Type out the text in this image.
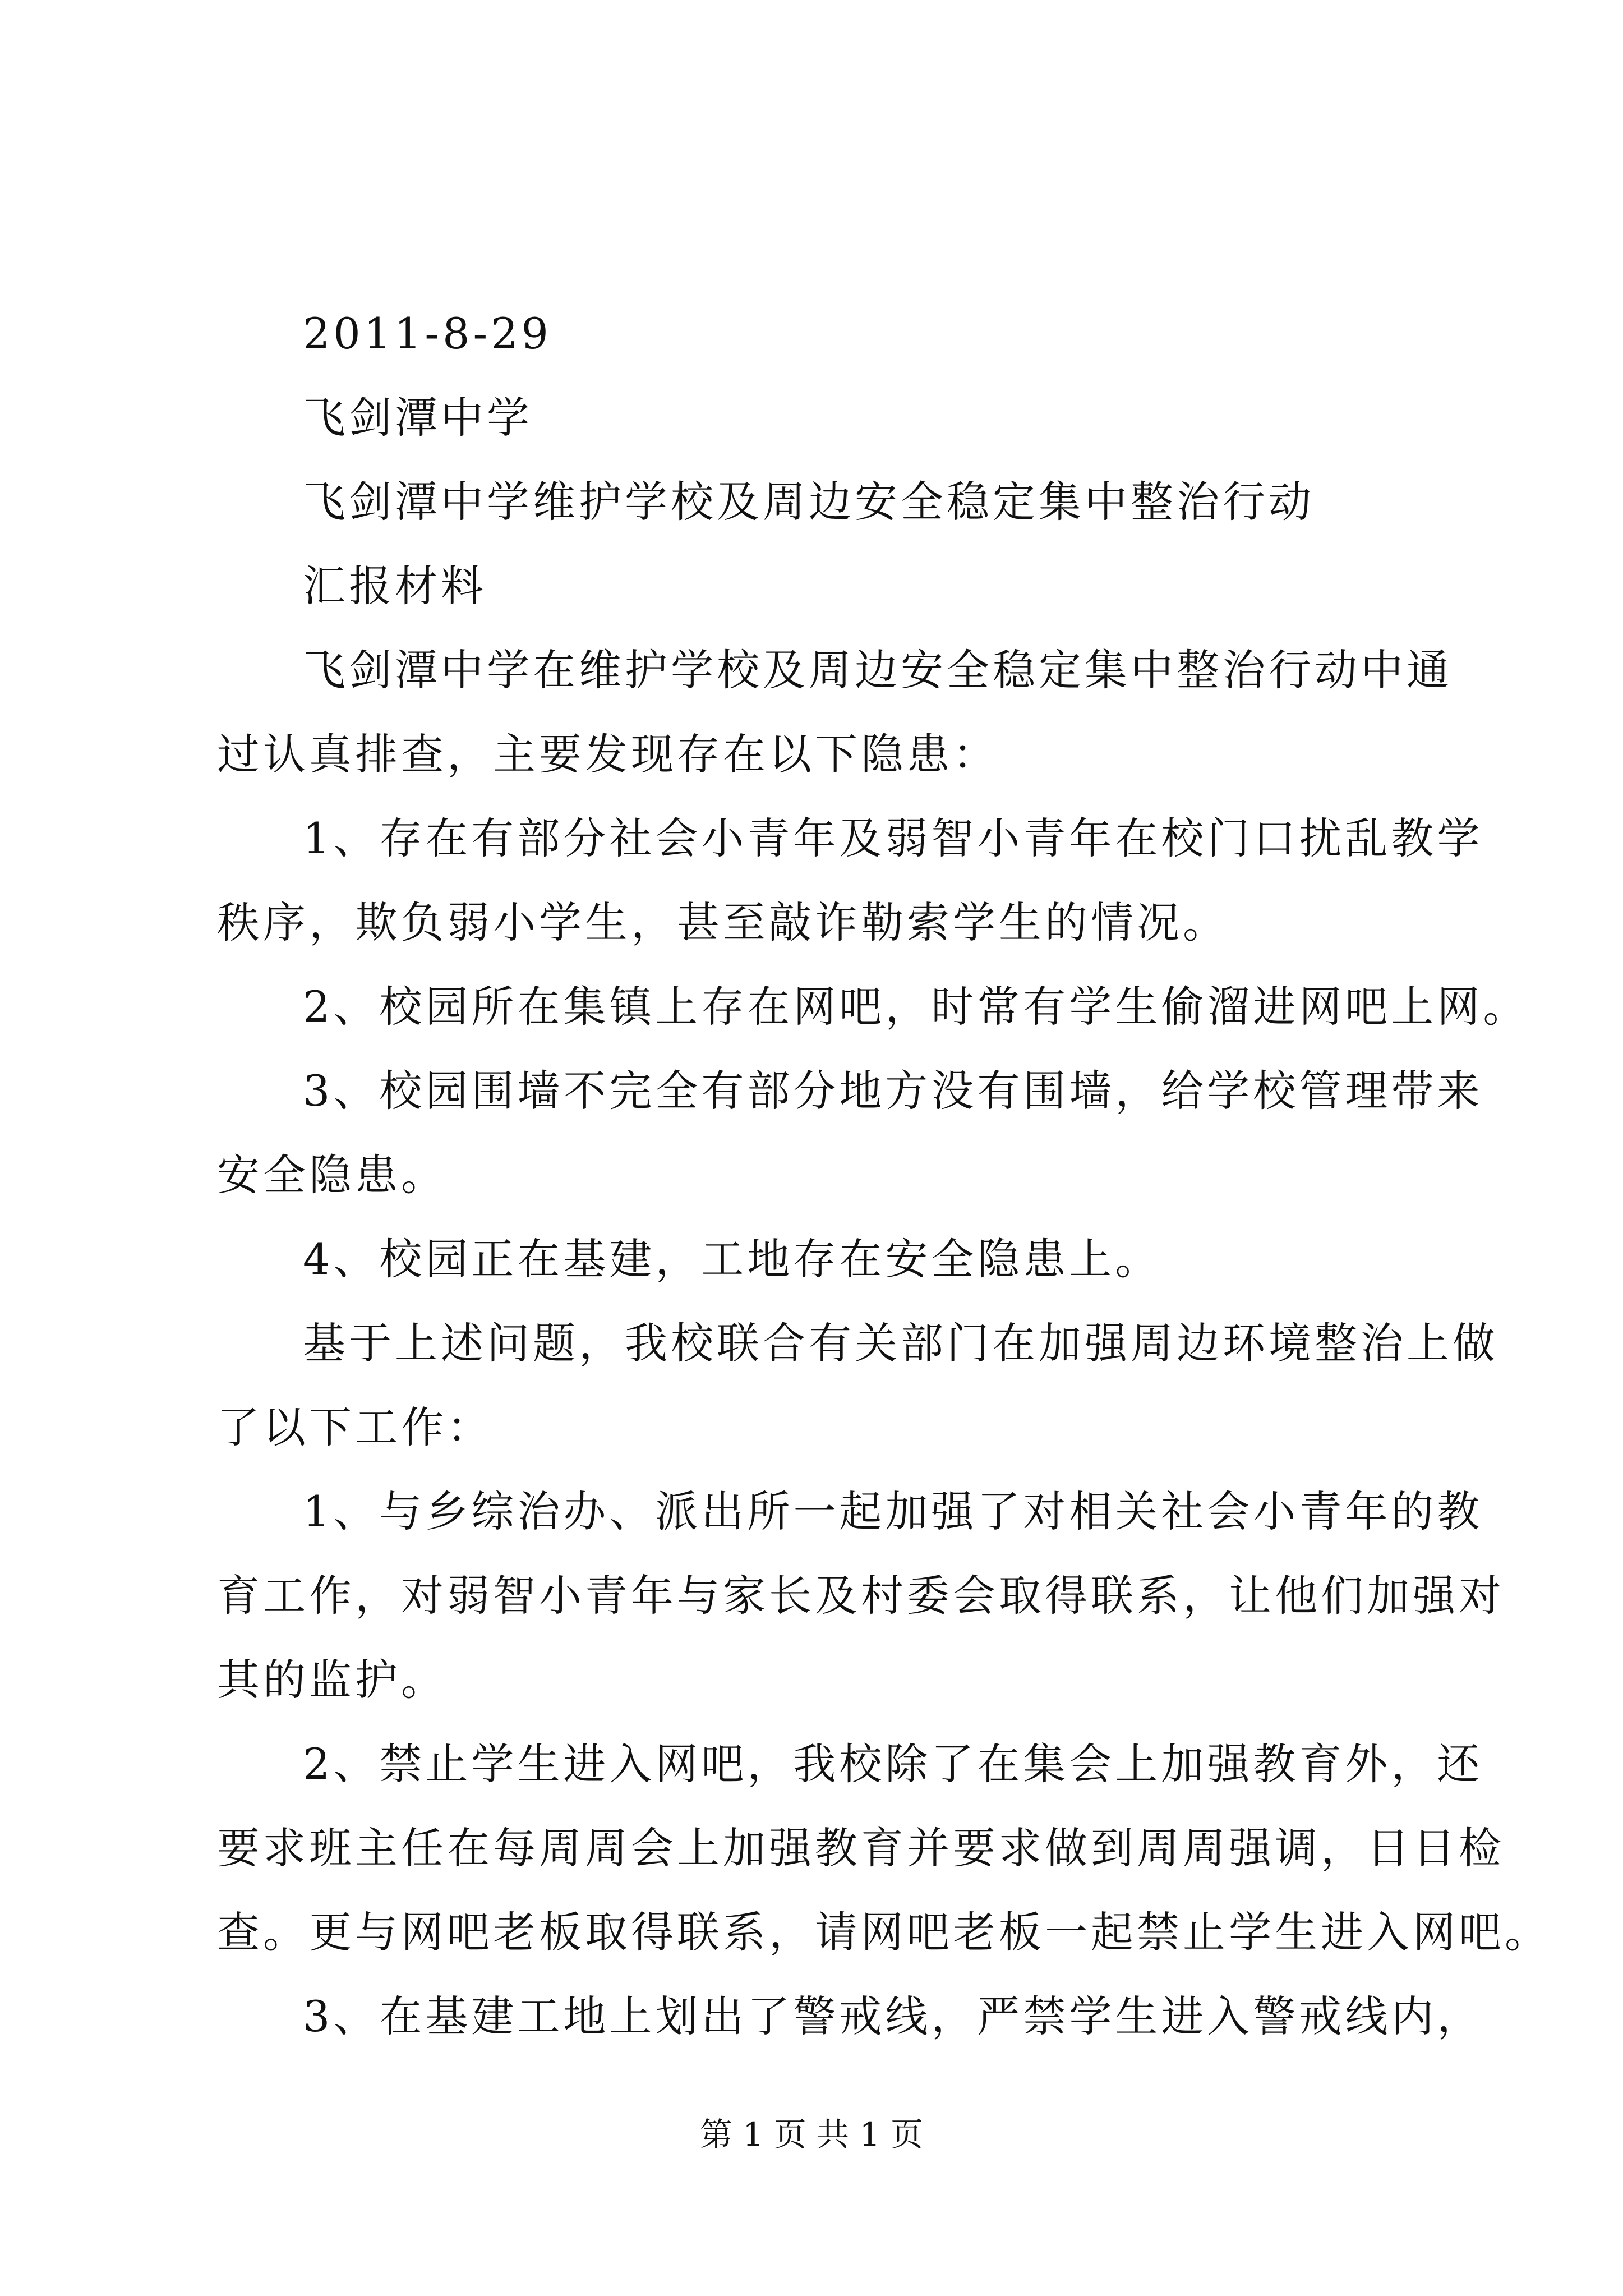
2011-8-29
飞剑潭中学
飞剑潭中学维护学校及周边安全稳定集中整治行动
汇报材料
飞剑潭中学在维护学校及周边安全稳定集中整治行动中通
过认真排查，主要发现存在以下隐患：
1、存在有部分社会小青年及弱智小青年在校门口扰乱教学
秩序，欺负弱小学生，甚至敲诈勒索学生的情况。
2、校园所在集镇上存在网吧，时常有学生偷溜进网吧上网。
3、校园围墙不完全有部分地方没有围墙，给学校管理带来
安全隐患。
4、校园正在基建，工地存在安全隐患上。
基于上述问题，我校联合有关部门在加强周边环境整治上做
了以下工作：
1、与乡综治办、派出所一起加强了对相关社会小青年的教
育工作，对弱智小青年与家长及村委会取得联系，让他们加强对
其的监护。
2、禁止学生进入网吧，我校除了在集会上加强教育外，还
要求班主任在每周周会上加强教育并要求做到周周强调，日日检
查。更与网吧老板取得联系，请网吧老板一起禁止学生进入网吧。
3、在基建工地上划出了警戒线，严禁学生进入警戒线内，
第 1 页 共 1 页
